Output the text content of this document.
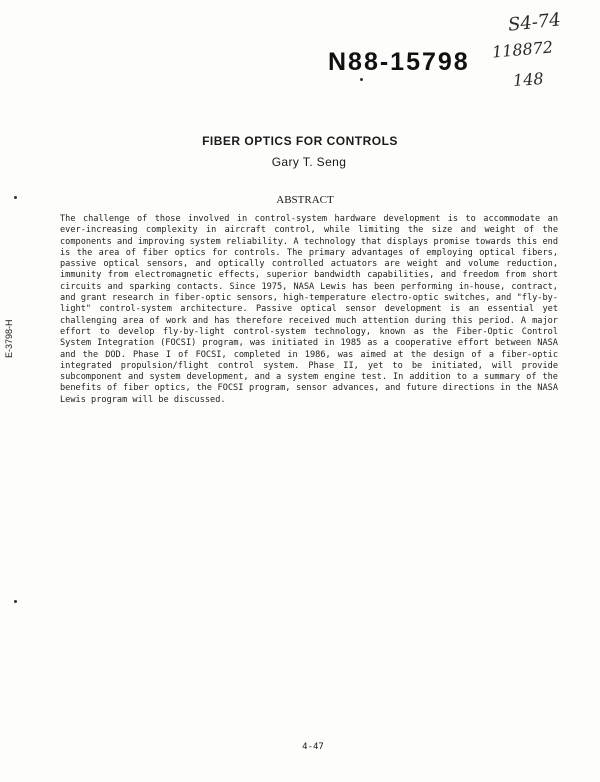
N88-15798
S4-74
118872
148
FIBER OPTICS FOR CONTROLS
Gary T. Seng
ABSTRACT
The challenge of those involved in control-system hardware development is to accommodate an ever-increasing complexity in aircraft control, while limiting the size and weight of the components and improving system reliability. A technology that displays promise towards this end is the area of fiber optics for controls. The primary advantages of employing optical fibers, passive optical sensors, and optically controlled actuators are weight and volume reduction, immunity from electromagnetic effects, superior bandwidth capabilities, and freedom from short circuits and sparking contacts. Since 1975, NASA Lewis has been performing in-house, contract, and grant research in fiber-optic sensors, high-temperature electro-optic switches, and "fly-by-light" control-system architecture. Passive optical sensor development is an essential yet challenging area of work and has therefore received much attention during this period. A major effort to develop fly-by-light control-system technology, known as the Fiber-Optic Control System Integration (FOCSI) program, was initiated in 1985 as a cooperative effort between NASA and the DOD. Phase I of FOCSI, completed in 1986, was aimed at the design of a fiber-optic integrated propulsion/flight control system. Phase II, yet to be initiated, will provide subcomponent and system development, and a system engine test. In addition to a summary of the benefits of fiber optics, the FOCSI program, sensor advances, and future directions in the NASA Lewis program will be discussed.
E-3798-H
4-47
